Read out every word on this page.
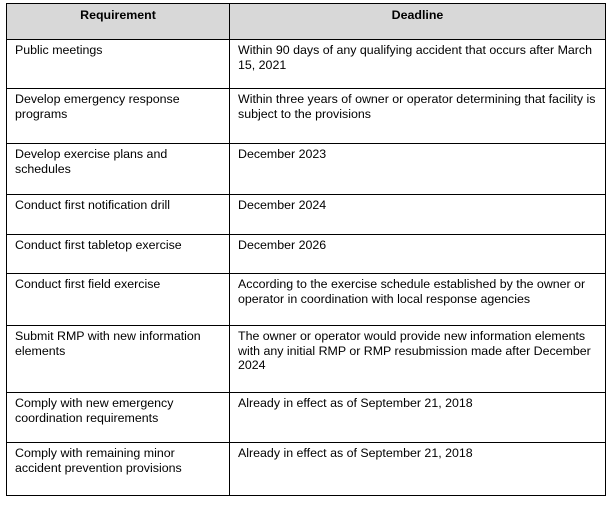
Requirement	Deadline
Public meetings	Within 90 days of any qualifying accident that occurs after March 15, 2021
Develop emergency response programs	Within three years of owner or operator determining that facility is subject to the provisions
Develop exercise plans and schedules	December 2023
Conduct first notification drill	December 2024
Conduct first tabletop exercise	December 2026
Conduct first field exercise	According to the exercise schedule established by the owner or operator in coordination with local response agencies
Submit RMP with new information elements	The owner or operator would provide new information elements with any initial RMP or RMP resubmission made after December 2024
Comply with new emergency coordination requirements	Already in effect as of September 21, 2018
Comply with remaining minor accident prevention provisions	Already in effect as of September 21, 2018
